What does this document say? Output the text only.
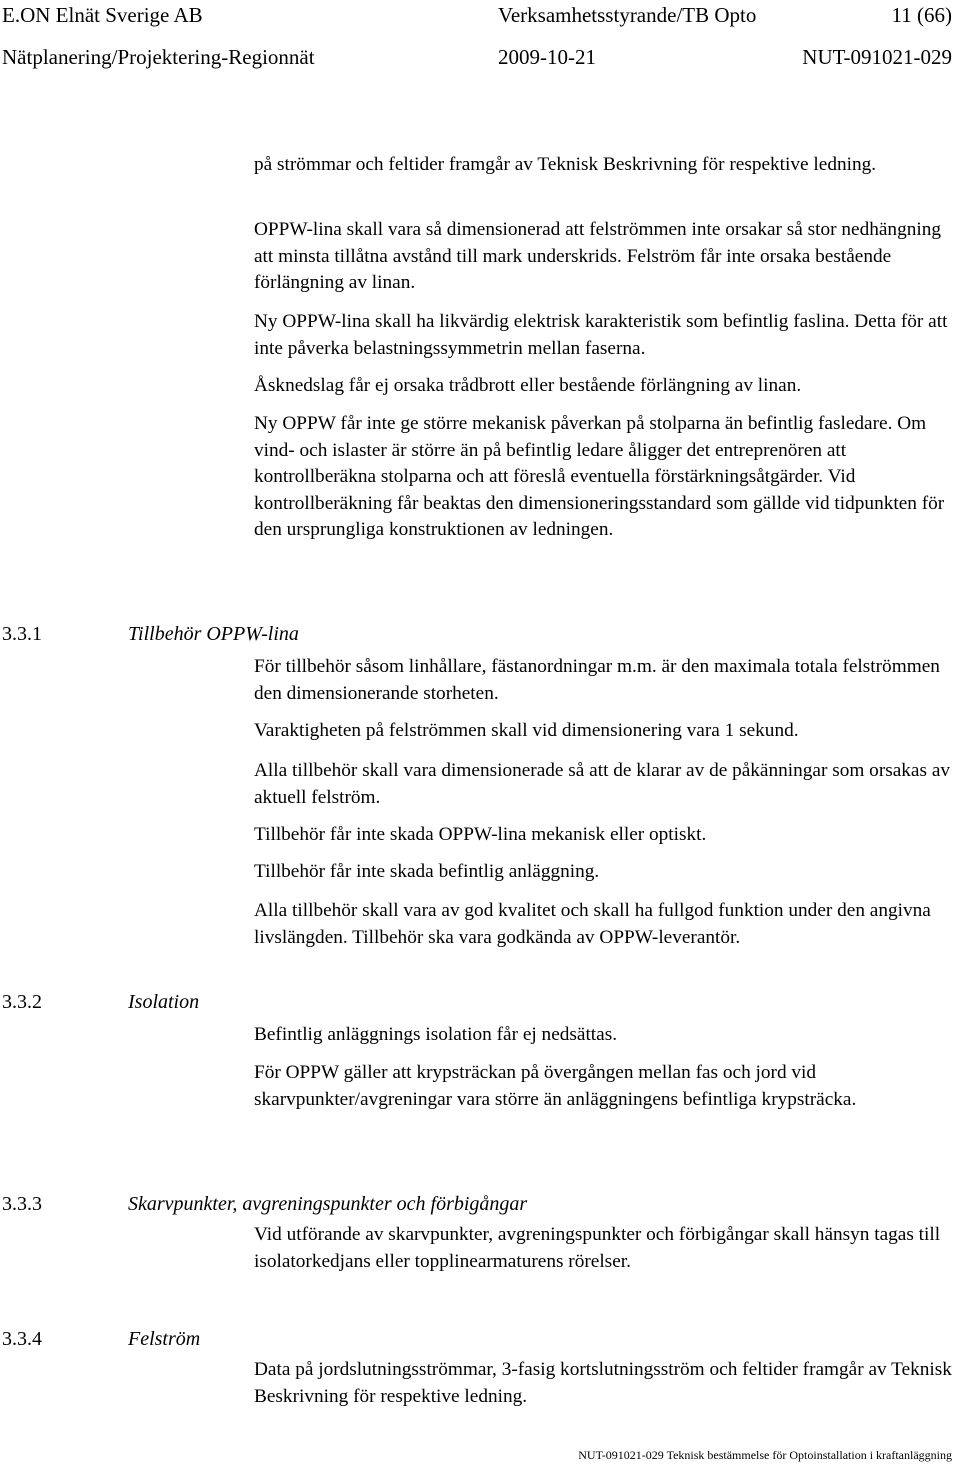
E.ON Elnät Sverige AB	Verksamhetsstyrande/TB Opto	11 (66)
Nätplanering/Projektering-Regionnät	2009-10-21	NUT-091021-029

på strömmar och feltider framgår av Teknisk Beskrivning för respektive ledning.

OPPW-lina skall vara så dimensionerad att felströmmen inte orsakar så stor nedhängning att minsta tillåtna avstånd till mark underskrids. Felström får inte orsaka bestående förlängning av linan.

Ny OPPW-lina skall ha likvärdig elektrisk karakteristik som befintlig faslina. Detta för att inte påverka belastningssymmetrin mellan faserna.

Åsknedslag får ej orsaka trådbrott eller bestående förlängning av linan.

Ny OPPW får inte ge större mekanisk påverkan på stolparna än befintlig fasledare. Om vind- och islaster är större än på befintlig ledare åligger det entreprenören att kontrollberäkna stolparna och att föreslå eventuella förstärkningsåtgärder. Vid kontrollberäkning får beaktas den dimensioneringsstandard som gällde vid tidpunkten för den ursprungliga konstruktionen av ledningen.

3.3.1	Tillbehör OPPW-lina

För tillbehör såsom linhållare, fästanordningar m.m. är den maximala totala felströmmen den dimensionerande storheten.

Varaktigheten på felströmmen skall vid dimensionering vara 1 sekund.

Alla tillbehör skall vara dimensionerade så att de klarar av de påkänningar som orsakas av aktuell felström.

Tillbehör får inte skada OPPW-lina mekanisk eller optiskt.

Tillbehör får inte skada befintlig anläggning.

Alla tillbehör skall vara av god kvalitet och skall ha fullgod funktion under den angivna livslängden. Tillbehör ska vara godkända av OPPW-leverantör.

3.3.2	Isolation

Befintlig anläggnings isolation får ej nedsättas.

För OPPW gäller att krypsträckan på övergången mellan fas och jord vid skarvpunkter/avgreningar vara större än anläggningens befintliga krypsträcka.

3.3.3	Skarvpunkter, avgreningspunkter och förbigångar

Vid utförande av skarvpunkter, avgreningspunkter och förbigångar skall hänsyn tagas till isolatorkedjans eller topplinearmaturens rörelser.

3.3.4	Felström

Data på jordslutningsströmmar, 3-fasig kortslutningsström och feltider framgår av Teknisk Beskrivning för respektive ledning.

NUT-091021-029 Teknisk bestämmelse för Optoinstallation i kraftanläggning
